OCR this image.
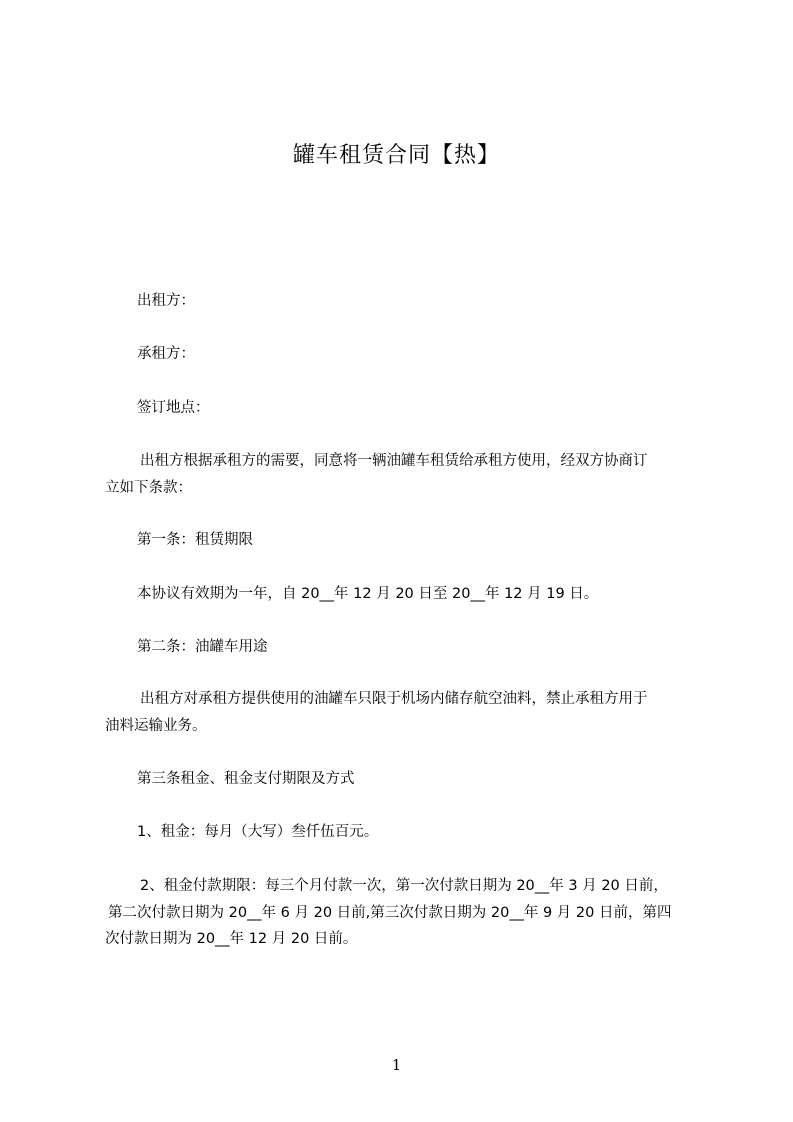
罐车租赁合同【热】
出租方：
承租方：
签订地点：
出租方根据承租方的需要，同意将一辆油罐车租赁给承租方使用，经双方协商订
立如下条款：
第一条：租赁期限
本协议有效期为一年，自 20__年 12 月 20 日至 20__年 12 月 19 日。
第二条：油罐车用途
出租方对承租方提供使用的油罐车只限于机场内储存航空油料，禁止承租方用于
油料运输业务。
第三条租金、租金支付期限及方式
1、租金：每月（大写）叁仟伍百元。
2、租金付款期限：每三个月付款一次，第一次付款日期为 20__年 3 月 20 日前，
第二次付款日期为 20__年 6 月 20 日前,第三次付款日期为 20__年 9 月 20 日前，第四
次付款日期为 20__年 12 月 20 日前。
1
